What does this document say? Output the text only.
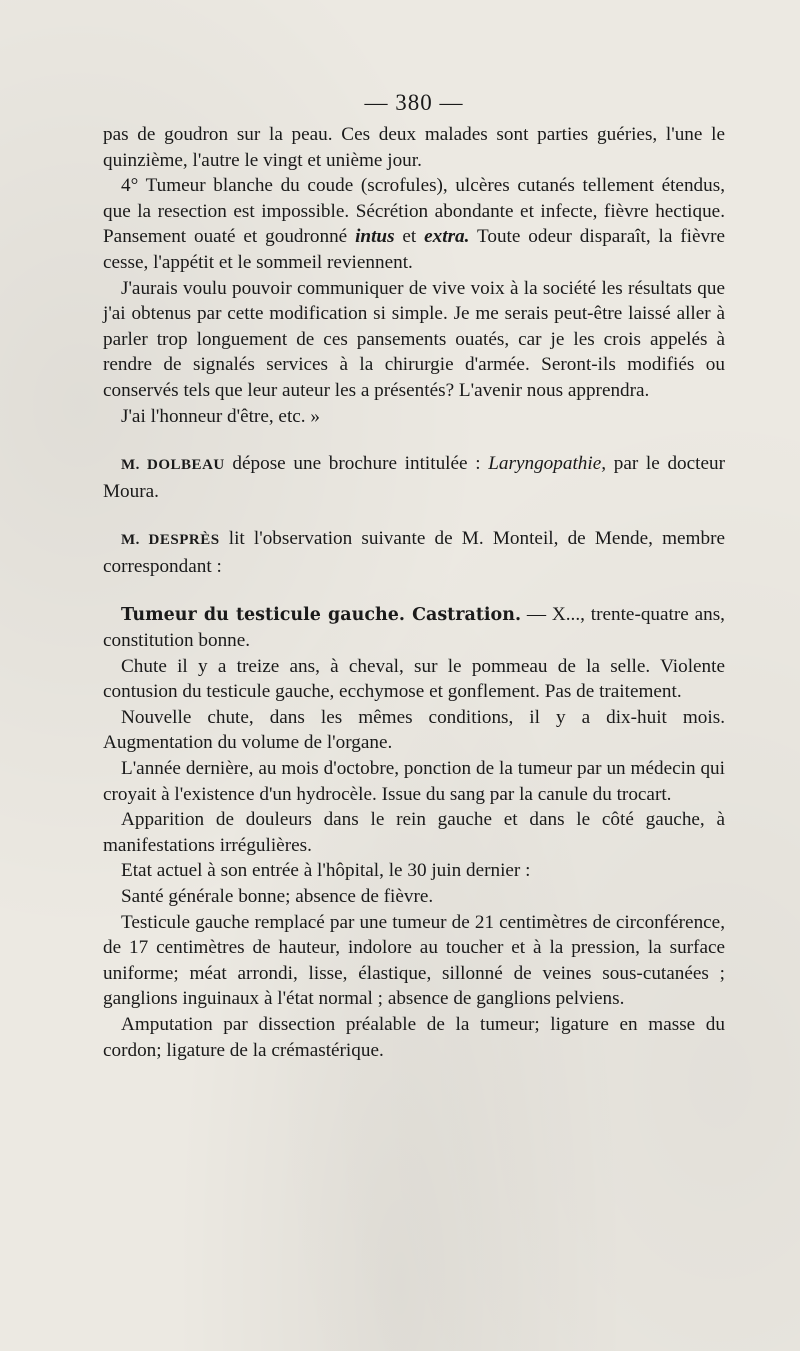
— 380 —

pas de goudron sur la peau. Ces deux malades sont parties guéries, l'une le quinzième, l'autre le vingt et unième jour.

4° Tumeur blanche du coude (scrofules), ulcères cutanés tellement étendus, que la resection est impossible. Sécrétion abondante et infecte, fièvre hectique. Pansement ouaté et goudronné intus et extra. Toute odeur disparaît, la fièvre cesse, l'appétit et le sommeil reviennent.

J'aurais voulu pouvoir communiquer de vive voix à la société les résultats que j'ai obtenus par cette modification si simple. Je me serais peut-être laissé aller à parler trop longuement de ces pansements ouatés, car je les crois appelés à rendre de signalés services à la chirurgie d'armée. Seront-ils modifiés ou conservés tels que leur auteur les a présentés? L'avenir nous apprendra.

J'ai l'honneur d'être, etc. »

M. DOLBEAU dépose une brochure intitulée : Laryngopathie, par le docteur Moura.

M. DESPRÈS lit l'observation suivante de M. Monteil, de Mende, membre correspondant :

Tumeur du testicule gauche. Castration. — X..., trente-quatre ans, constitution bonne.

Chute il y a treize ans, à cheval, sur le pommeau de la selle. Violente contusion du testicule gauche, ecchymose et gonflement. Pas de traitement.

Nouvelle chute, dans les mêmes conditions, il y a dix-huit mois. Augmentation du volume de l'organe.

L'année dernière, au mois d'octobre, ponction de la tumeur par un médecin qui croyait à l'existence d'un hydrocèle. Issue du sang par la canule du trocart.

Apparition de douleurs dans le rein gauche et dans le côté gauche, à manifestations irrégulières.

Etat actuel à son entrée à l'hôpital, le 30 juin dernier :

Santé générale bonne; absence de fièvre.

Testicule gauche remplacé par une tumeur de 21 centimètres de circonférence, de 17 centimètres de hauteur, indolore au toucher et à la pression, la surface uniforme; méat arrondi, lisse, élastique, sillonné de veines sous-cutanées ; ganglions inguinaux à l'état normal ; absence de ganglions pelviens.

Amputation par dissection préalable de la tumeur; ligature en masse du cordon; ligature de la crémastérique.
